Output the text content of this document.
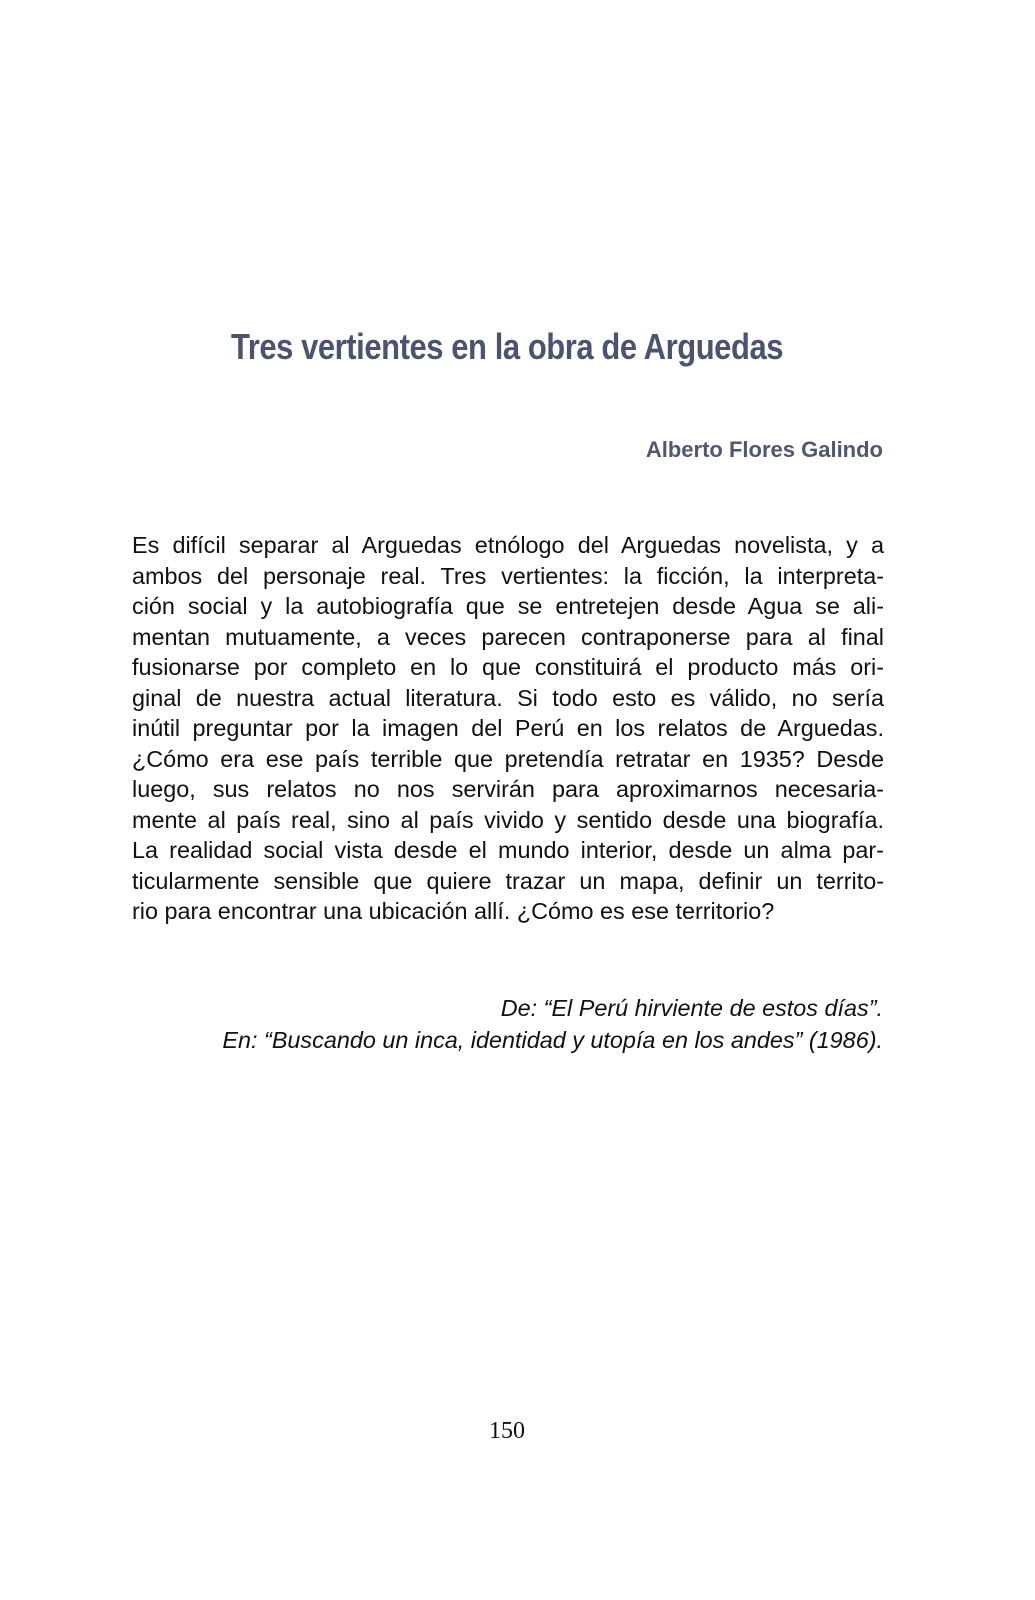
Tres vertientes en la obra de Arguedas
Alberto Flores Galindo
Es difícil separar al Arguedas etnólogo del Arguedas novelista, y a
ambos del personaje real. Tres vertientes: la ficción, la interpreta-
ción social y la autobiografía que se entretejen desde Agua se ali-
mentan mutuamente, a veces parecen contraponerse para al final
fusionarse por completo en lo que constituirá el producto más ori-
ginal de nuestra actual literatura. Si todo esto es válido, no sería
inútil preguntar por la imagen del Perú en los relatos de Arguedas.
¿Cómo era ese país terrible que pretendía retratar en 1935? Desde
luego, sus relatos no nos servirán para aproximarnos necesaria-
mente al país real, sino al país vivido y sentido desde una biografía.
La realidad social vista desde el mundo interior, desde un alma par-
ticularmente sensible que quiere trazar un mapa, definir un territo-
rio para encontrar una ubicación allí. ¿Cómo es ese territorio?
De: “El Perú hirviente de estos días”.
En: “Buscando un inca, identidad y utopía en los andes” (1986).
150
